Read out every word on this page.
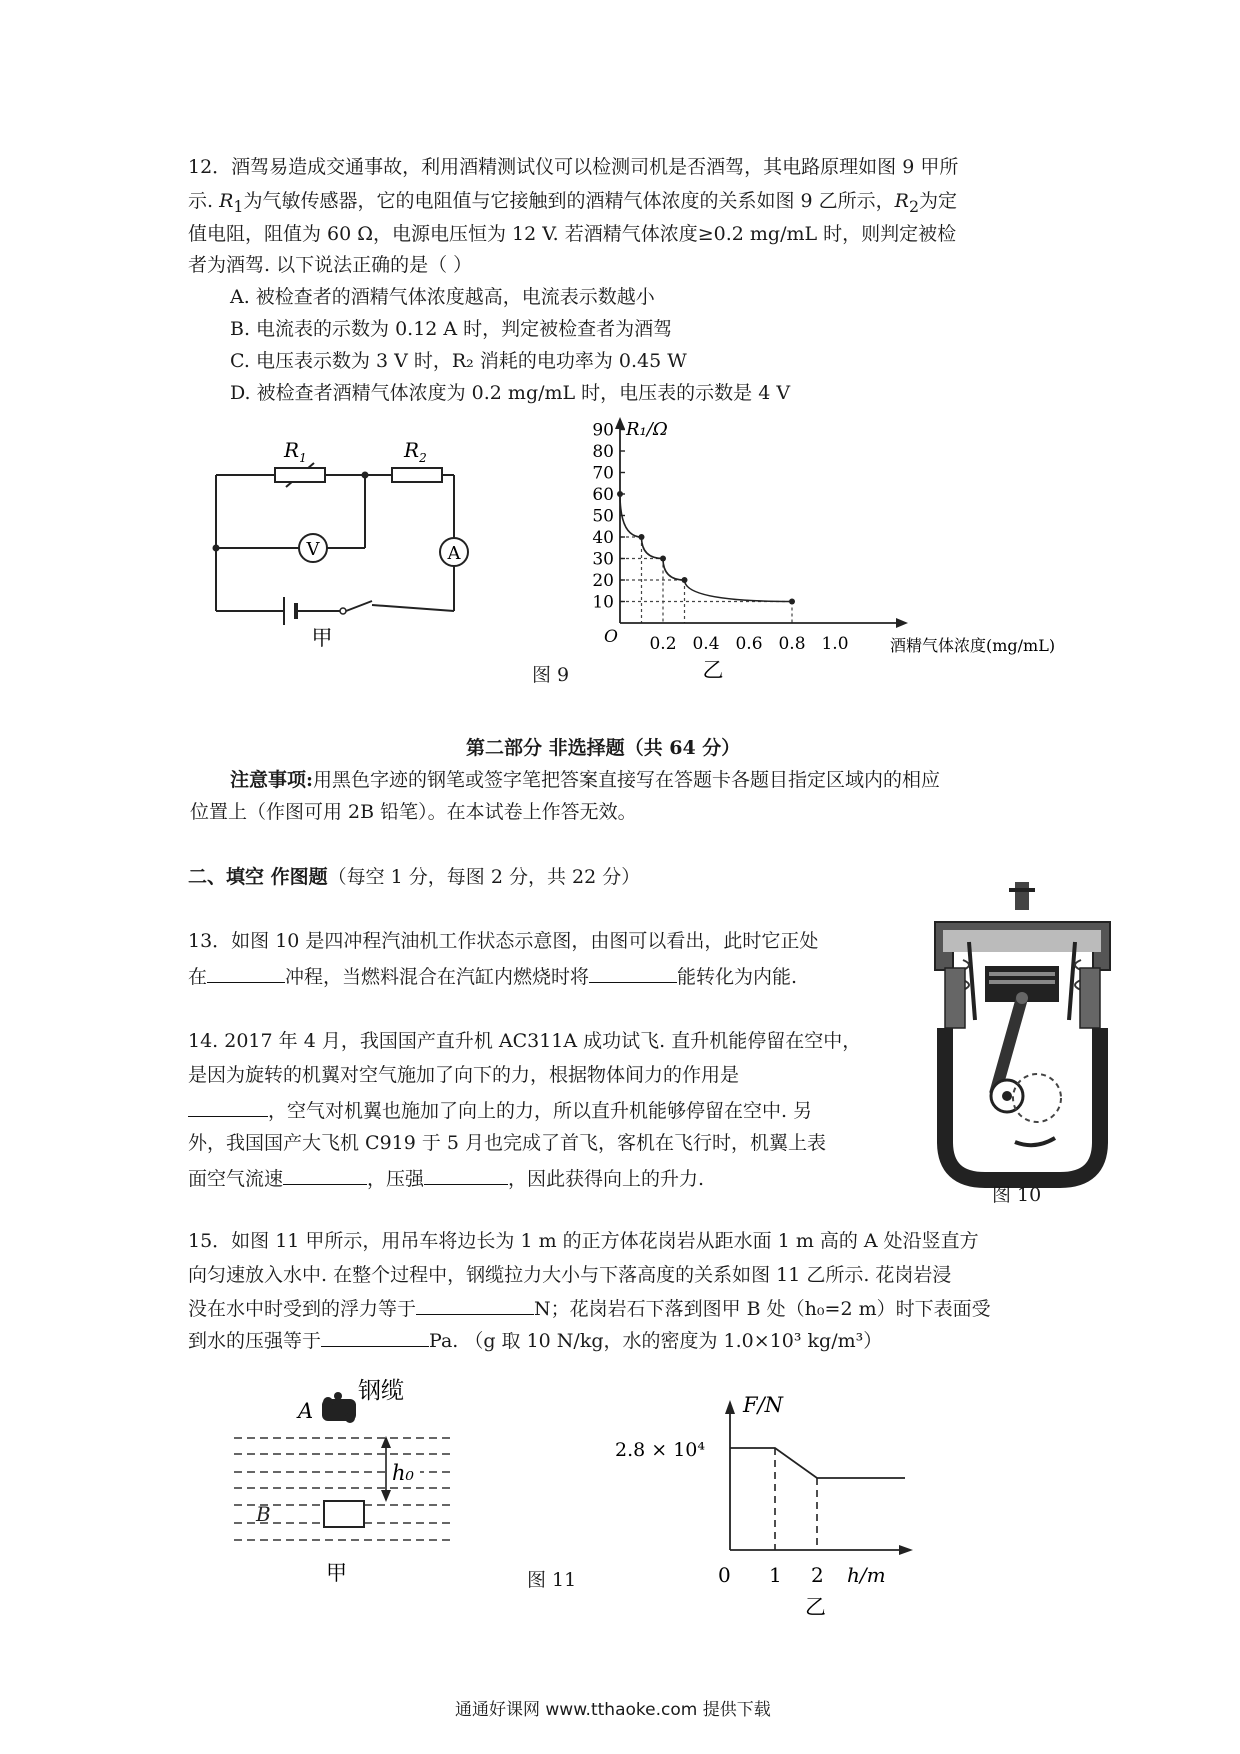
12．酒驾易造成交通事故，利用酒精测试仪可以检测司机是否酒驾，其电路原理如图 9 甲所
示. $R_1$为气敏传感器，它的电阻值与它接触到的酒精气体浓度的关系如图 9 乙所示，$R_2$为定
值电阻，阻值为 60 Ω，电源电压恒为 12 V. 若酒精气体浓度≥0.2 mg/mL 时，则判定被检
者为酒驾. 以下说法正确的是（ ）
A. 被检查者的酒精气体浓度越高，电流表示数越小
B. 电流表的示数为 0.12 A 时，判定被检查者为酒驾
C. 电压表示数为 3 V 时，R₂ 消耗的电功率为 0.45 W
D. 被检查者酒精气体浓度为 0.2 mg/mL 时，电压表的示数是 4 V
$R_1$	$R_2$
V	A
甲
10
20
30
40
50
60
70
80
90
0.2 0.4 0.6 0.8 1.0
R₁/Ω
O	酒精气体浓度(mg/mL)
乙
图 9
第二部分 非选择题（共 64 分）
注意事项:用黑色字迹的钢笔或签字笔把答案直接写在答题卡各题目指定区域内的相应
位置上（作图可用 2B 铅笔）。在本试卷上作答无效。
二、填空 作图题（每空 1 分，每图 2 分，共 22 分）
13．如图 10 是四冲程汽油机工作状态示意图，由图可以看出，此时它正处
在	冲程，当燃料混合在汽缸内燃烧时将	能转化为内能.
图 10
14. 2017 年 4 月，我国国产直升机 AC311A 成功试飞. 直升机能停留在空中，
是因为旋转的机翼对空气施加了向下的力，根据物体间力的作用是
，空气对机翼也施加了向上的力，所以直升机能够停留在空中. 另
外，我国国产大飞机 C919 于 5 月也完成了首飞，客机在飞行时，机翼上表
面空气流速	，压强	，因此获得向上的升力.
15．如图 11 甲所示，用吊车将边长为 1 m 的正方体花岗岩从距水面 1 m 高的 A 处沿竖直方
向匀速放入水中. 在整个过程中，钢缆拉力大小与下落高度的关系如图 11 乙所示. 花岗岩浸
没在水中时受到的浮力等于	N；花岗岩石下落到图甲 B 处（h₀=2 m）时下表面受
到水的压强等于	Pa. （g 取 10 N/kg，水的密度为 1.0×10³ kg/m³）
钢缆
A
B
h₀
甲	图 11
F/N
2.8 × 10⁴
0 1 2 h/m
乙
通通好课网 www.tthaoke.com 提供下载
